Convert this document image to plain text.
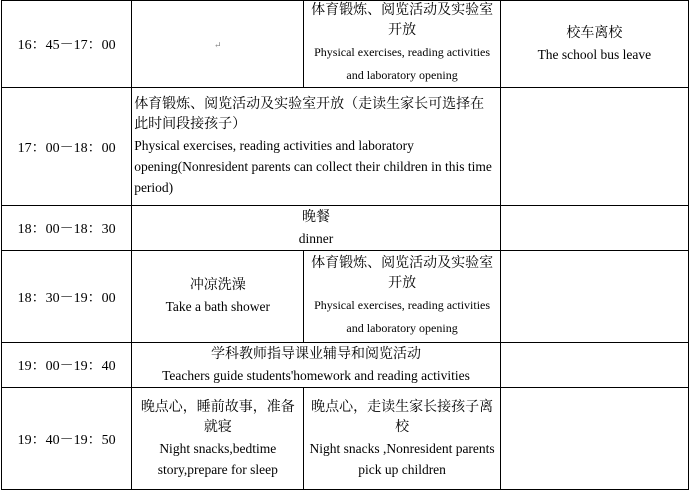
16：45－17：00	↵	体育锻炼、阅览活动及实验室开放
Physical exercises, reading activities and laboratory opening	校车离校
The school bus leave

17：00－18：00	体育锻炼、阅览活动及实验室开放（走读生家长可选择在此时间段接孩子）
Physical exercises, reading activities and laboratory opening(Nonresident parents can collect their children in this time period)		

18：00－18：30	晚餐
dinner		

18：30－19：00	冲凉洗澡
Take a bath shower	体育锻炼、阅览活动及实验室开放
Physical exercises, reading activities and laboratory opening	

19：00－19：40	学科教师指导课业辅导和阅览活动
Teachers guide students'homework and reading activities		

19：40－19：50	晚点心，睡前故事，准备就寝
Night snacks,bedtime story,prepare for sleep	晚点心，走读生家长接孩子离校
Night snacks ,Nonresident parents pick up children	
